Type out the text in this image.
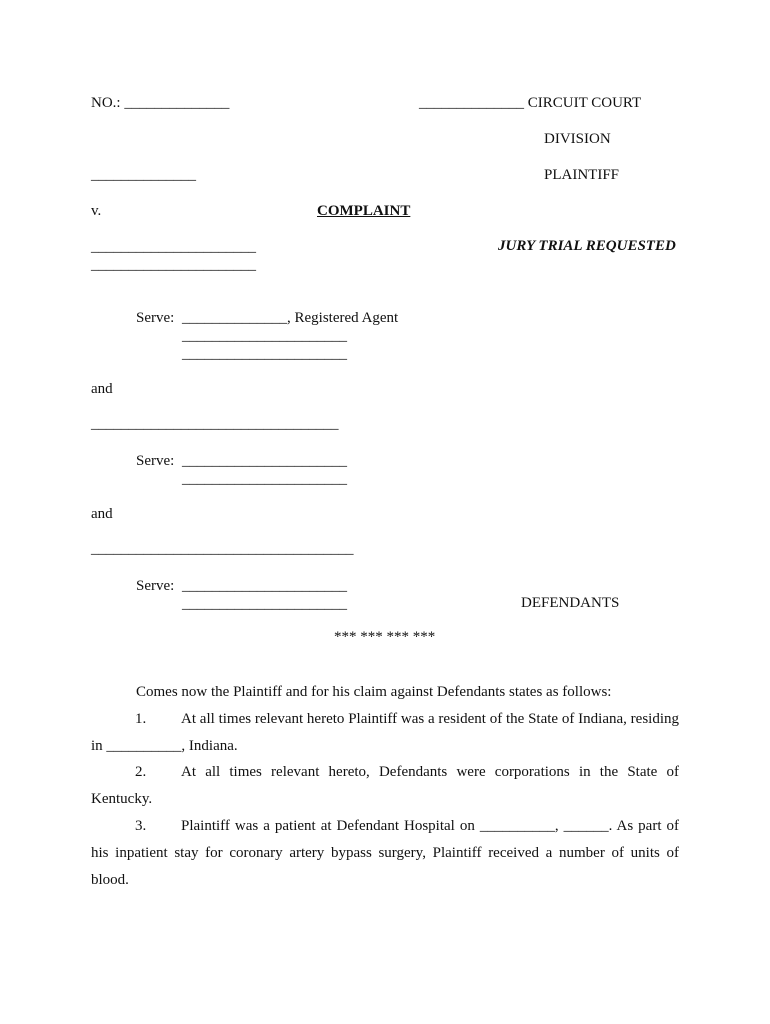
NO.: ______________	______________ CIRCUIT COURT
DIVISION
______________	PLAINTIFF
v.	COMPLAINT
JURY TRIAL REQUESTED
______________________
______________________
Serve: ______________, Registered Agent
______________________
______________________
and
_________________________________
Serve: ______________________
______________________
and
___________________________________
Serve: ______________________
______________________	DEFENDANTS
*** *** *** ***
Comes now the Plaintiff and for his claim against Defendants states as follows:
1. At all times relevant hereto Plaintiff was a resident of the State of Indiana, residing in __________, Indiana.
2. At all times relevant hereto, Defendants were corporations in the State of Kentucky.
3. Plaintiff was a patient at Defendant Hospital on __________, ______. As part of his inpatient stay for coronary artery bypass surgery, Plaintiff received a number of units of blood.
